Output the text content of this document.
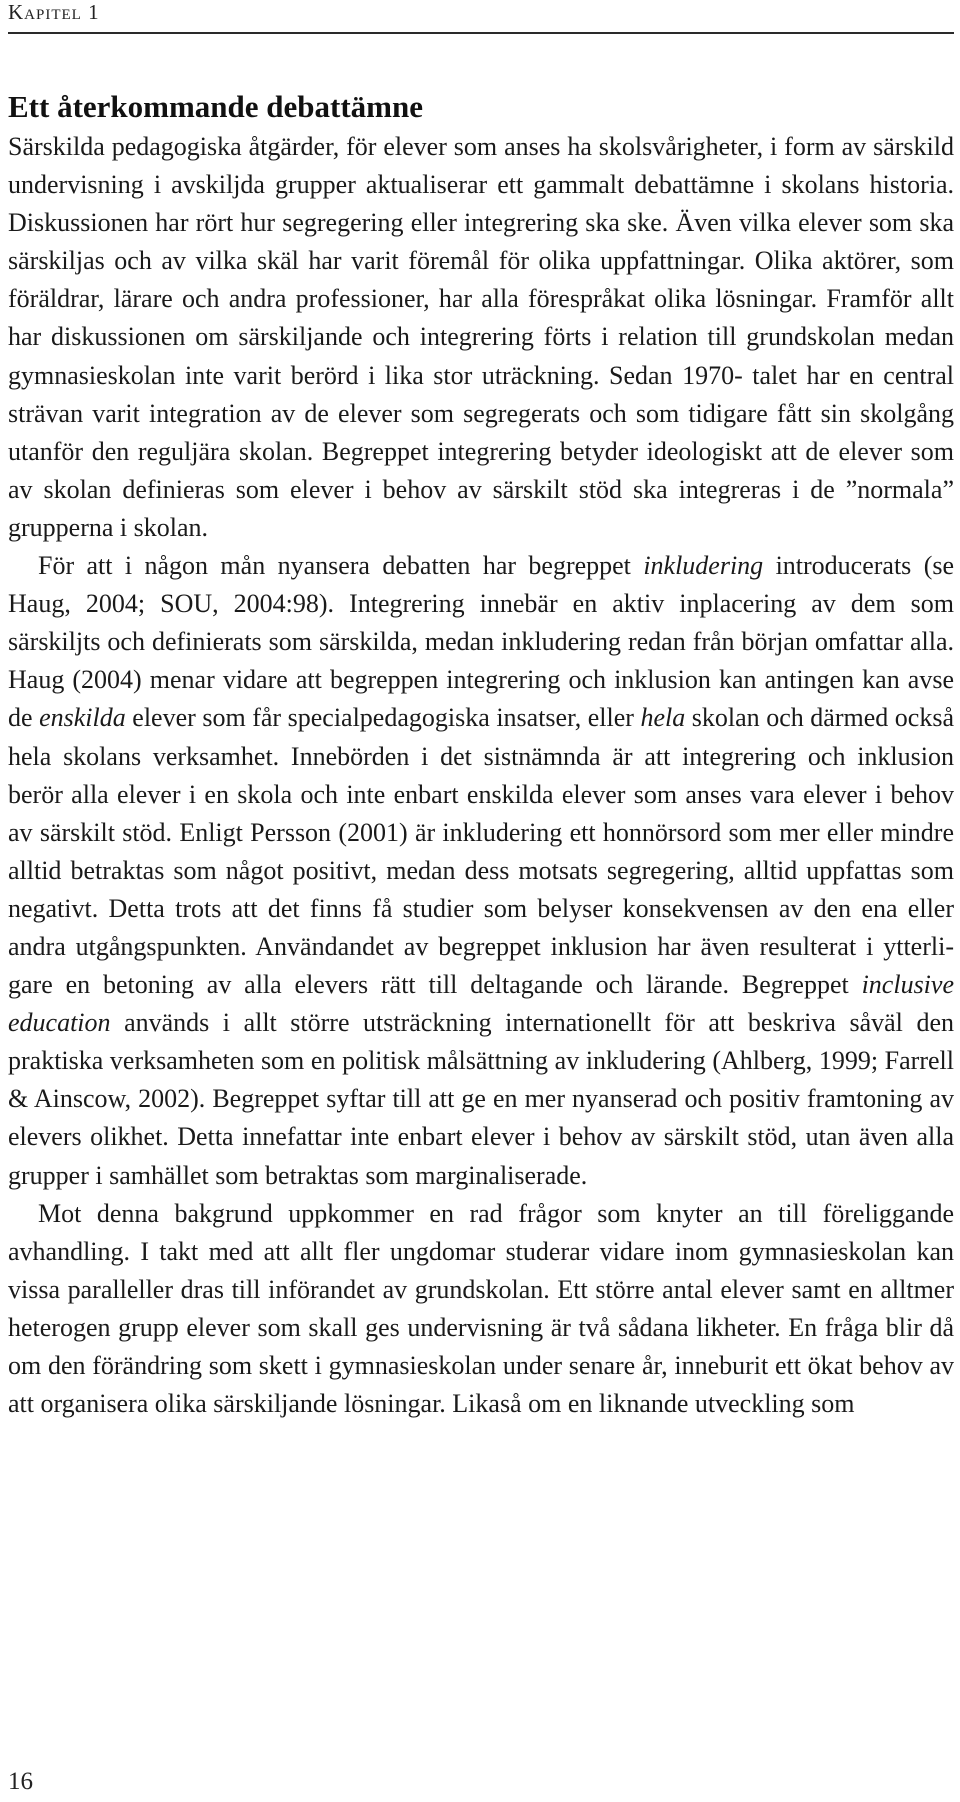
Kapitel 1
Ett återkommande debattämne

Särskilda pedagogiska åtgärder, för elever som anses ha skolsvårigheter, i form av särskild undervisning i avskiljda grupper aktualiserar ett gammalt debattämne i skolans historia. Diskussionen har rört hur segregering eller integrering ska ske. Även vilka elever som ska särskiljas och av vilka skäl har varit föremål för olika uppfattningar. Olika aktörer, som föräldrar, lärare och andra professioner, har alla förespråkat olika lösningar. Framför allt har diskussionen om särskiljande och integrering förts i relation till grundskolan medan gymnasieskolan inte varit berörd i lika stor uträckning. Sedan 1970- talet har en central strävan varit integration av de elever som segregerats och som tidigare fått sin skolgång utanför den reguljära skolan. Begreppet integrering betyder ideologiskt att de elever som av skolan definieras som elever i behov av särskilt stöd ska integreras i de ”normala” grupperna i skolan.

För att i någon mån nyansera debatten har begreppet inkludering introducerats (se Haug, 2004; SOU, 2004:98). Integrering innebär en aktiv inplacering av dem som särskiljts och definierats som särskilda, medan inkludering redan från början omfattar alla. Haug (2004) menar vidare att begreppen integrering och inklusion kan antingen kan avse de enskilda elever som får specialpedagogiska insatser, eller hela skolan och därmed också hela skolans verksamhet. Innebörden i det sistnämnda är att integrering och inklusion berör alla elever i en skola och inte enbart enskilda elever som anses vara elever i behov av särskilt stöd. Enligt Persson (2001) är inkludering ett honnörsord som mer eller mindre alltid betraktas som något positivt, medan dess motsats segregering, alltid uppfattas som negativt. Detta trots att det finns få studier som belyser konsekvensen av den ena eller andra utgångspunkten. Användandet av begreppet inklusion har även resulterat i ytterligare en betoning av alla elevers rätt till deltagande och lärande. Begreppet inclusive education används i allt större utsträckning internationellt för att beskriva såväl den praktiska verksamheten som en politisk målsättning av inkludering (Ahlberg, 1999; Farrell & Ainscow, 2002). Begreppet syftar till att ge en mer nyanserad och positiv framtoning av elevers olikhet. Detta innefattar inte enbart elever i behov av särskilt stöd, utan även alla grupper i samhället som betraktas som marginaliserade.

Mot denna bakgrund uppkommer en rad frågor som knyter an till föreliggande avhandling. I takt med att allt fler ungdomar studerar vidare inom gymnasieskolan kan vissa paralleller dras till införandet av grundskolan. Ett större antal elever samt en alltmer heterogen grupp elever som skall ges undervisning är två sådana likheter. En fråga blir då om den förändring som skett i gymnasieskolan under senare år, inneburit ett ökat behov av att organisera olika särskiljande lösningar. Likaså om en liknande utveckling som

16
